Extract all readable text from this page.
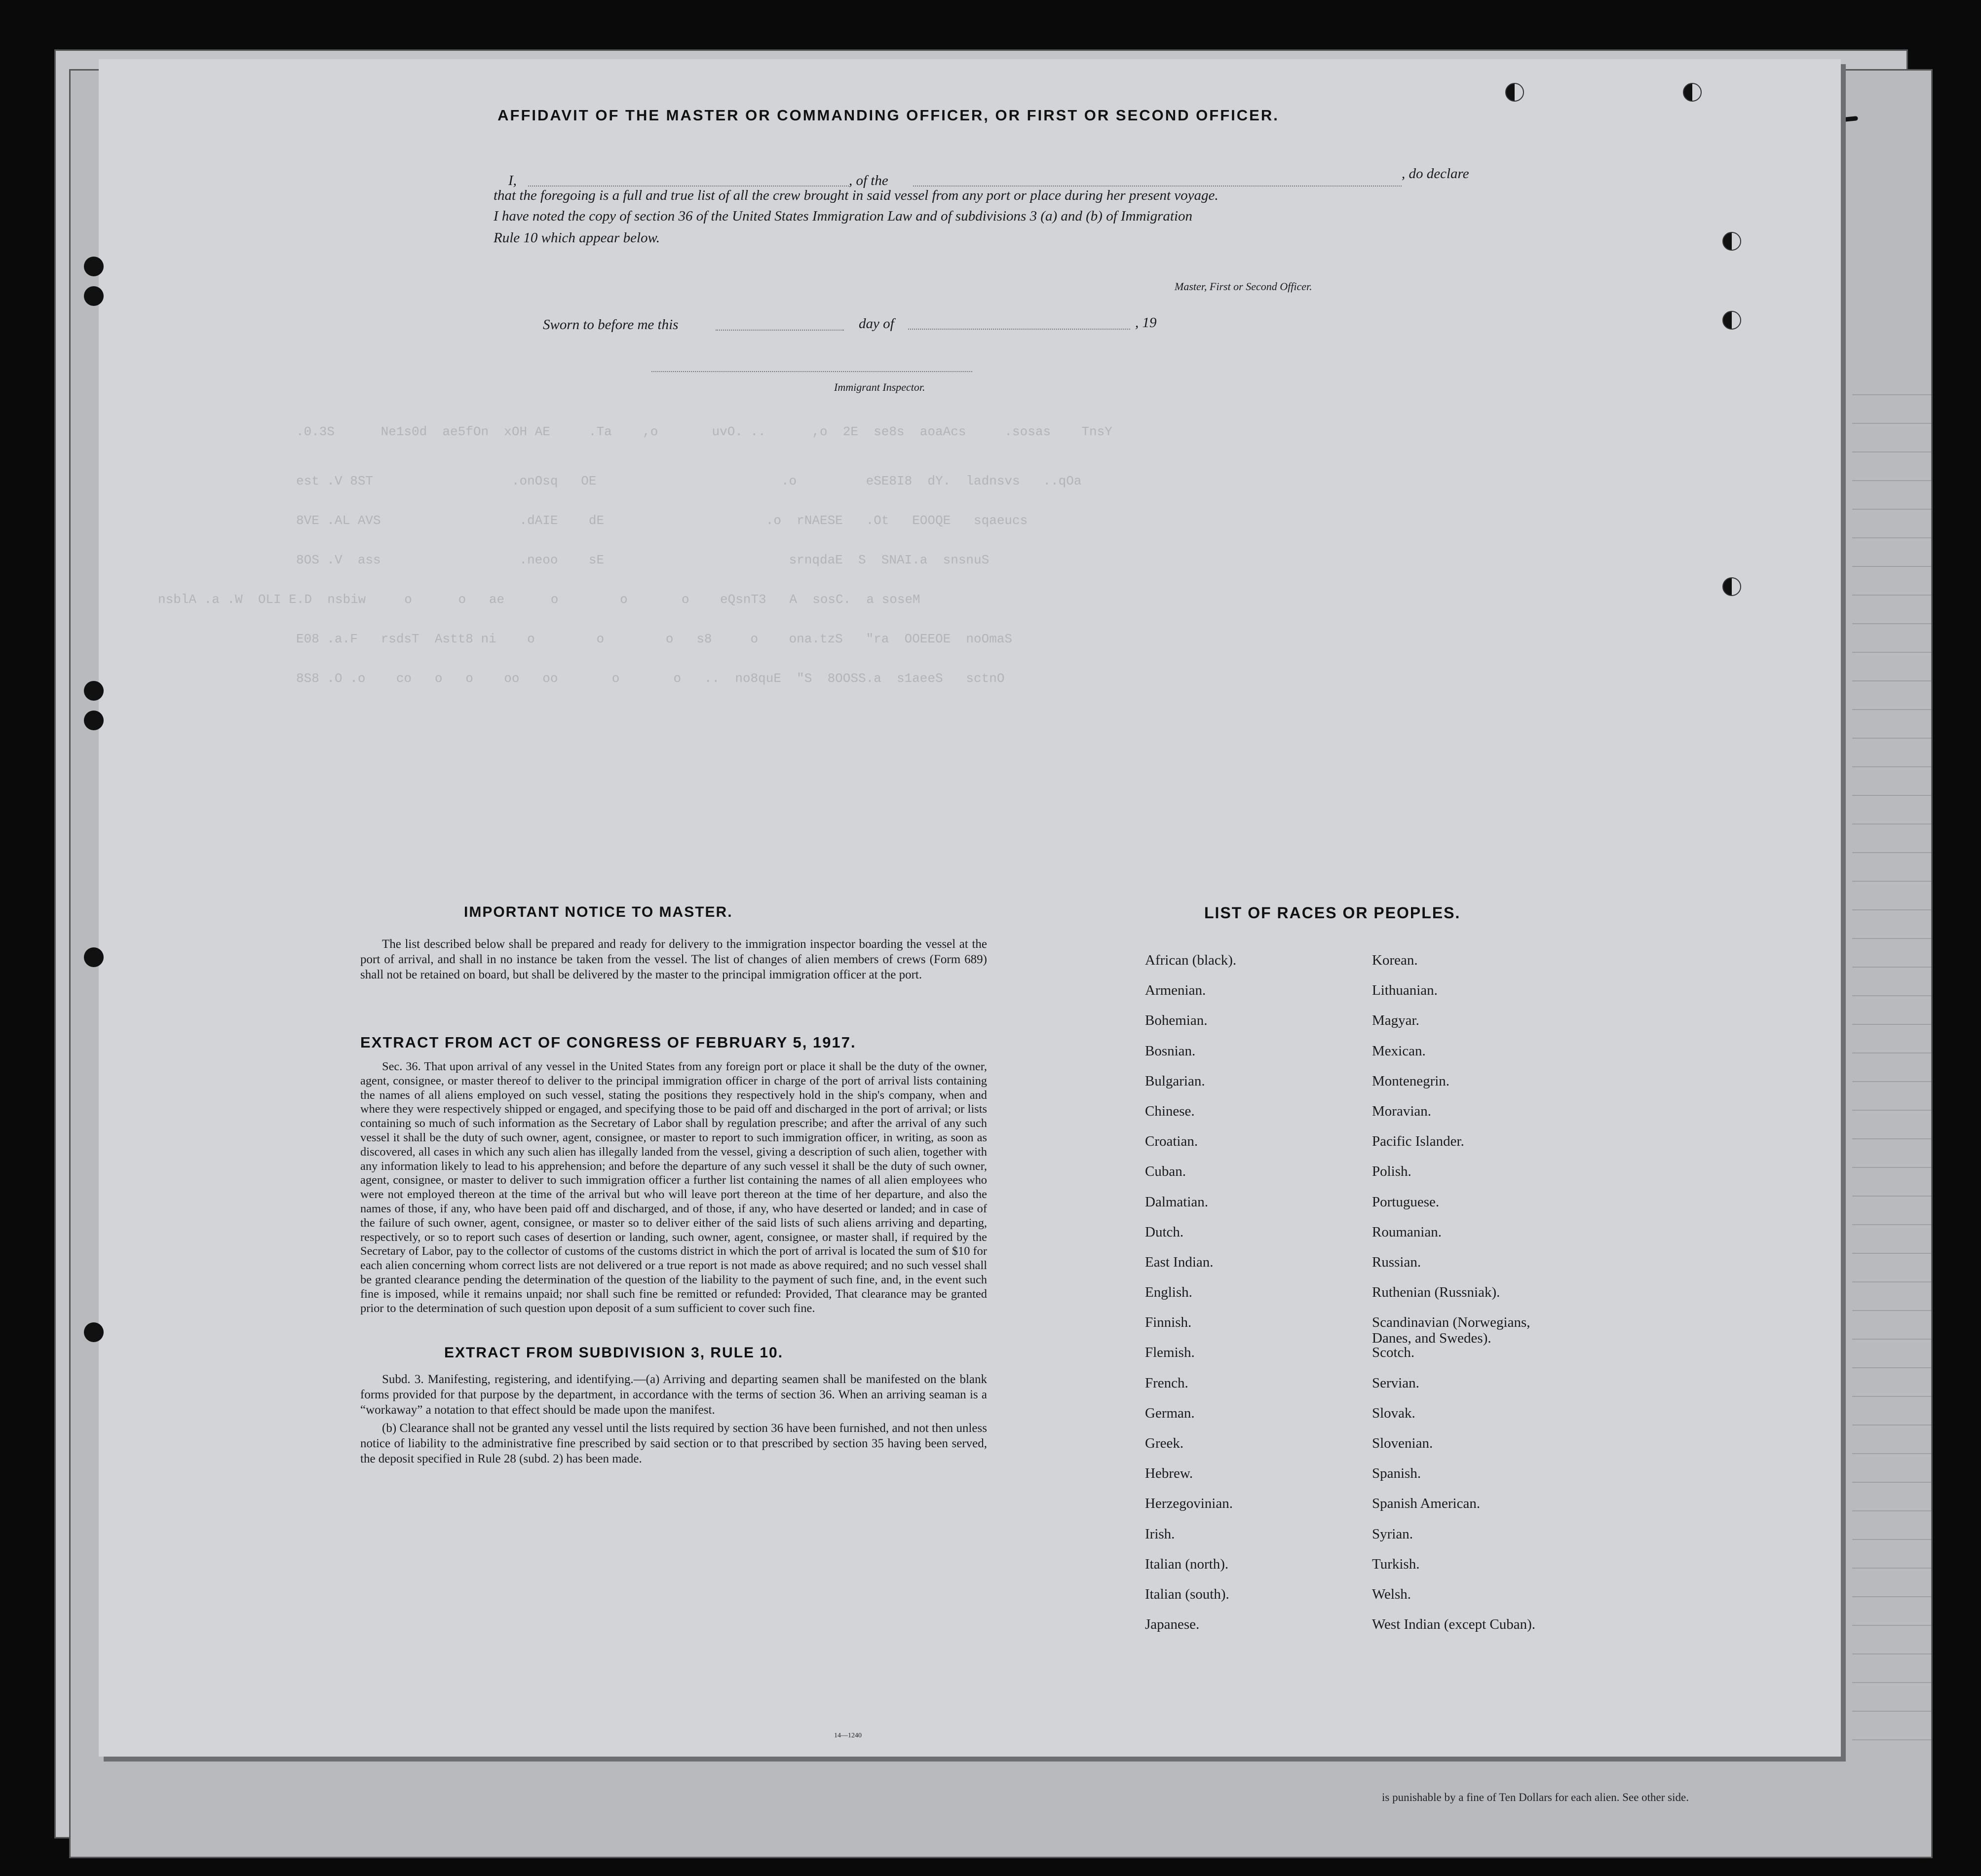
is punishable by a fine of Ten Dollars for each alien. See other side.
AFFIDAVIT OF THE MASTER OR COMMANDING OFFICER, OR FIRST OR SECOND OFFICER.
I,	, of the	, do declare
that the foregoing is a full and true list of all the crew brought in said vessel from any port or place during her present voyage.
I have noted the copy of section 36 of the United States Immigration Law and of subdivisions 3 (a) and (b) of Immigration
Rule 10 which appear below.
Master, First or Second Officer.
Sworn to before me this	day of	, 19
Immigrant Inspector.
.0.3S      Ne1s0d  ae5fOn  xOH AE     .Ta    ,o       uvO. ..      ,o  2E  se8s  aoaAcs     .sosas    TnsY
est .V 8ST                  .onOsq   OE                        .o         eSE8I8  dY.  ladnsvs   ..qOa
8VE .AL AVS                  .dAIE    dE                     .o  rNAESE   .Ot   EOOQE   sqaeucs
8OS .V  ass                  .neoo    sE                        srnqdaE  S  SNAI.a  snsnuS
nsblA .a .W  OLI E.D  nsbiw     o      o   ae      o        o       o    eQsnT3   A  sosC.  a soseM
E08 .a.F   rsdsT  Astt8 ni    o        o        o   s8     o    ona.tzS   "ra  OOEEOE  noOmaS
8S8 .O .o    co   o   o    oo   oo       o       o   ..  no8quE  "S  8OOSS.a  s1aeeS   sctnO
IMPORTANT NOTICE TO MASTER.

The list described below shall be prepared and ready for delivery to the immigration inspector boarding the vessel at the port of arrival, and shall in no instance be taken from the vessel. The list of changes of alien members of crews (Form 689) shall not be retained on board, but shall be delivered by the master to the principal immigration officer at the port.

EXTRACT FROM ACT OF CONGRESS OF FEBRUARY 5, 1917.

Sec. 36. That upon arrival of any vessel in the United States from any foreign port or place it shall be the duty of the owner, agent, consignee, or master thereof to deliver to the principal immigration officer in charge of the port of arrival lists containing the names of all aliens employed on such vessel, stating the positions they respectively hold in the ship's company, when and where they were respectively shipped or engaged, and specifying those to be paid off and discharged in the port of arrival; or lists containing so much of such information as the Secretary of Labor shall by regulation prescribe; and after the arrival of any such vessel it shall be the duty of such owner, agent, consignee, or master to report to such immigration officer, in writing, as soon as discovered, all cases in which any such alien has illegally landed from the vessel, giving a description of such alien, together with any information likely to lead to his apprehension; and before the departure of any such vessel it shall be the duty of such owner, agent, consignee, or master to deliver to such immigration officer a further list containing the names of all alien employees who were not employed thereon at the time of the arrival but who will leave port thereon at the time of her departure, and also the names of those, if any, who have been paid off and discharged, and of those, if any, who have deserted or landed; and in case of the failure of such owner, agent, consignee, or master so to deliver either of the said lists of such aliens arriving and departing, respectively, or so to report such cases of desertion or landing, such owner, agent, consignee, or master shall, if required by the Secretary of Labor, pay to the collector of customs of the customs district in which the port of arrival is located the sum of $10 for each alien concerning whom correct lists are not delivered or a true report is not made as above required; and no such vessel shall be granted clearance pending the determination of the question of the liability to the payment of such fine, and, in the event such fine is imposed, while it remains unpaid; nor shall such fine be remitted or refunded: Provided, That clearance may be granted prior to the determination of such question upon deposit of a sum sufficient to cover such fine.

EXTRACT FROM SUBDIVISION 3, RULE 10.

Subd. 3. Manifesting, registering, and identifying.—(a) Arriving and departing seamen shall be manifested on the blank forms provided for that purpose by the department, in accordance with the terms of section 36. When an arriving seaman is a “workaway” a notation to that effect should be made upon the manifest.

(b) Clearance shall not be granted any vessel until the lists required by section 36 have been furnished, and not then unless notice of liability to the administrative fine prescribed by said section or to that prescribed by section 35 having been served, the deposit specified in Rule 28 (subd. 2) has been made.

14—1240
LIST OF RACES OR PEOPLES.
African (black).
Armenian.
Bohemian.
Bosnian.
Bulgarian.
Chinese.
Croatian.
Cuban.
Dalmatian.
Dutch.
East Indian.
English.
Finnish.
Flemish.
French.
German.
Greek.
Hebrew.
Herzegovinian.
Irish.
Italian (north).
Italian (south).
Japanese.
Korean.
Lithuanian.
Magyar.
Mexican.
Montenegrin.
Moravian.
Pacific Islander.
Polish.
Portuguese.
Roumanian.
Russian.
Ruthenian (Russniak).
Scandinavian (Norwegians,
Danes, and Swedes).
Scotch.
Servian.
Slovak.
Slovenian.
Spanish.
Spanish American.
Syrian.
Turkish.
Welsh.
West Indian (except Cuban).
